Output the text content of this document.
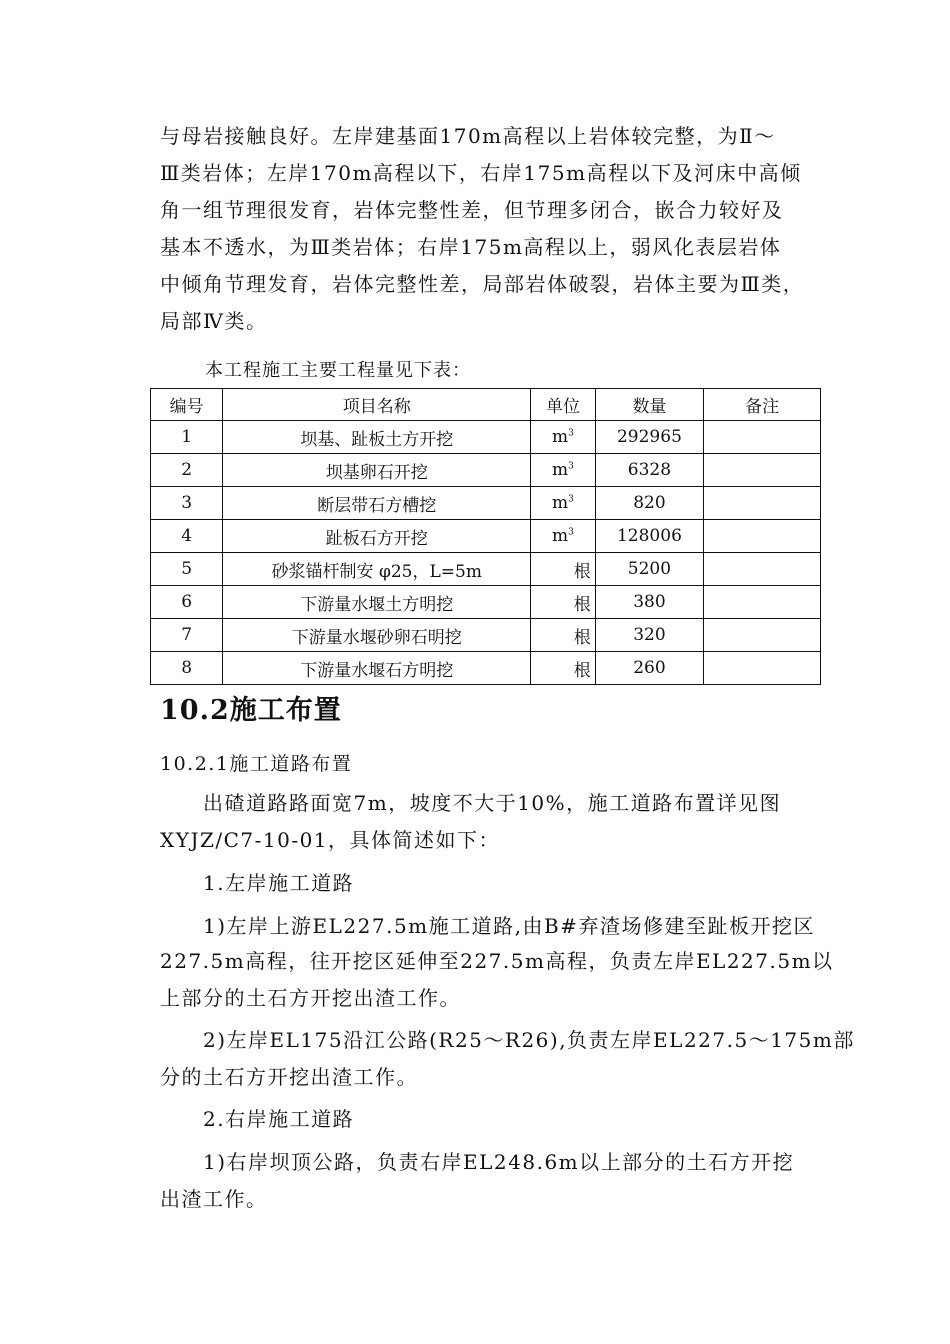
与母岩接触良好。左岸建基面170m高程以上岩体较完整，为Ⅱ～
Ⅲ类岩体；左岸170m高程以下，右岸175m高程以下及河床中高倾
角一组节理很发育，岩体完整性差，但节理多闭合，嵌合力较好及
基本不透水，为Ⅲ类岩体；右岸175m高程以上，弱风化表层岩体
中倾角节理发育，岩体完整性差，局部岩体破裂，岩体主要为Ⅲ类，
局部Ⅳ类。
本工程施工主要工程量见下表：
编号	项目名称	单位	数量	备注
1	坝基、趾板土方开挖	$m^3$	292965	
2	坝基卵石开挖	$m^3$	6328	
3	断层带石方槽挖	$m^3$	820	
4	趾板石方开挖	$m^3$	128006	
5	砂浆锚杆制安 φ25，L=5m	根	5200	
6	下游量水堰土方明挖	根	380	
7	下游量水堰砂卵石明挖	根	320	
8	下游量水堰石方明挖	根	260	
10.2施工布置
10.2.1施工道路布置
　　出碴道路路面宽7m，坡度不大于10%，施工道路布置详见图
XYJZ/C7-10-01，具体简述如下：
　　1.左岸施工道路
　　1)左岸上游EL227.5m施工道路,由B#弃渣场修建至趾板开挖区
227.5m高程，往开挖区延伸至227.5m高程，负责左岸EL227.5m以
上部分的土石方开挖出渣工作。
　　2)左岸EL175沿江公路(R25～R26),负责左岸EL227.5～175m部
分的土石方开挖出渣工作。
　　2.右岸施工道路
　　1)右岸坝顶公路，负责右岸EL248.6m以上部分的土石方开挖
出渣工作。
